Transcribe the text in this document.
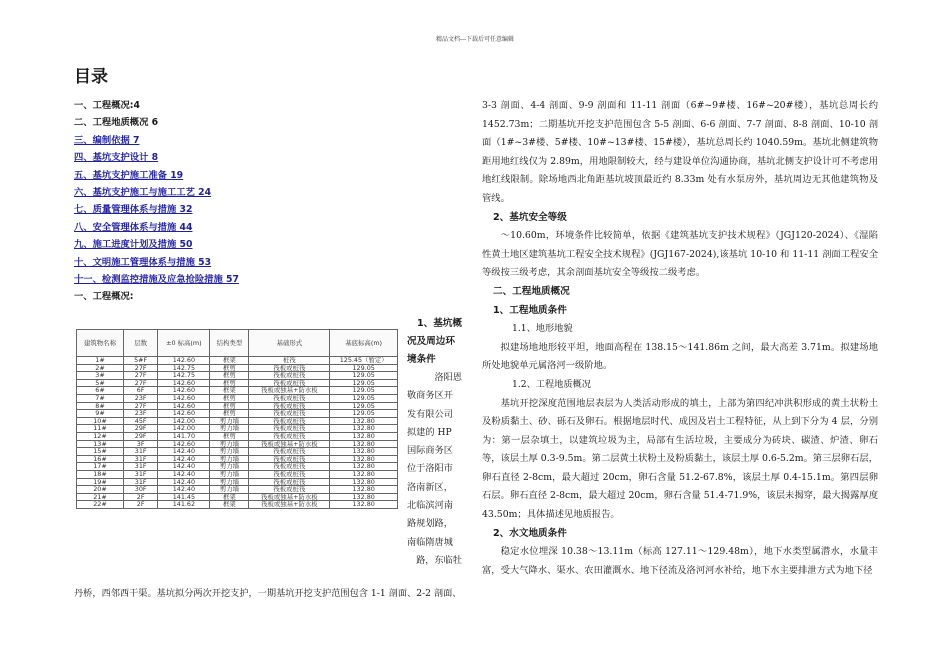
精品文档---下载后可任意编辑
目录
一、工程概况:4
二、工程地质概况 6
三、编制依据 7
四、基坑支护设计 8
五、基坑支护施工准备 19
六、基坑支护施工与施工工艺 24
七、质量管理体系与措施 32
八、安全管理体系与措施 44
九、施工进度计划及措施 50
十、文明施工管理体系与措施 53
十一、检测监控措施及应急抢险措施 57
一、工程概况:
建筑物名称	层数	±0 标高(m)	结构类型	基础形式	基底标高(m)
1#	5#F	142.60	框架	桩筏	125.45（暂定）
2#	27F	142.75	框剪	筏板或桩筏	129.05
3#	27F	142.75	框剪	筏板或桩筏	129.05
5#	27F	142.60	框剪	筏板或桩筏	129.05
6#	6F	142.60	框架	筏板或独基+防水板	129.05
7#	23F	142.60	框剪	筏板或桩筏	129.05
8#	27F	142.60	框剪	筏板或桩筏	129.05
9#	23F	142.60	框剪	筏板或桩筏	129.05
10#	45F	142.00	剪力墙	筏板或桩筏	132.80
11#	29F	142.00	剪力墙	筏板或桩筏	132.80
12#	29F	141.70	框剪	筏板或桩筏	132.80
13#	3F	142.60	剪力墙	筏板或独基+防水板	132.80
15#	31F	142.40	剪力墙	筏板或桩筏	132.80
16#	31F	142.40	剪力墙	筏板或桩筏	132.80
17#	31F	142.40	剪力墙	筏板或桩筏	132.80
18#	31F	142.40	剪力墙	筏板或桩筏	132.80
19#	31F	142.40	剪力墙	筏板或桩筏	132.80
20#	30F	142.40	剪力墙	筏板或桩筏	132.80
21#	2F	141.45	框架	筏板或独基+防水板	132.80
22#	2F	141.62	框架	筏板或独基+防水板	132.80
1、基坑概
况及周边环
境条件
洛阳恩
敬商务区开
发有限公司
拟建的 HP
国际商务区
位于洛阳市
洛南新区，
北临滨河南
路规划路，
南临隋唐城
路，东临牡
丹桥，西邻西干渠。基坑拟分两次开挖支护，一期基坑开挖支护范围包含 1-1 剖面、2-2 剖面、
3-3 剖面、4-4 剖面、9-9 剖面和 11-11 剖面（6#~9#楼、16#~20#楼），基坑总周长约 1452.73m；二期基坑开挖支护范围包含 5-5 剖面、6-6 剖面、7-7 剖面、8-8 剖面、10-10 剖面（1#~3#楼、5#楼、10#~13#楼、15#楼），基坑总周长约 1040.59m。基坑北侧建筑物距用地红线仅为 2.89m，用地限制较大，经与建设单位沟通协商，基坑北侧支护设计可不考虑用地红线限制。除场地西北角距基坑坡顶最近约 8.33m 处有水泵房外，基坑周边无其他建筑物及管线。
2、基坑安全等级
～10.60m，环境条件比较简单，依据《建筑基坑支护技术规程》（JGJ120-2024）、《湿陷性黄土地区建筑基坑工程安全技术规程》(JGJ167-2024),该基坑 10-10 和 11-11 剖面工程安全等级按三级考虑，其余剖面基坑安全等级按二级考虑。
二、工程地质概况
1、工程地质条件
1.1、地形地貌
拟建场地地形较平坦，地面高程在 138.15～141.86m 之间，最大高差 3.71m。拟建场地所处地貌单元属洛河一级阶地。
1.2、工程地质概况
基坑开挖深度范围地层表层为人类活动形成的填土，上部为第四纪冲洪积形成的黄土状粉土及粉质黏土、砂、砾石及卵石。根据地层时代、成因及岩土工程特征，从上到下分为 4 层，分别为：第一层杂填土，以建筑垃圾为主，局部有生活垃圾，主要成分为砖块、碳渣、炉渣、卵石等，该层土厚 0.3-9.5m。第二层黄土状粉土及粉质黏土，该层土厚 0.6-5.2m。第三层卵石层，卵石直径 2-8cm，最大超过 20cm，卵石含量 51.2-67.8%，该层土厚 0.4-15.1m。第四层卵石层。卵石直径 2-8cm，最大超过 20cm，卵石含量 51.4-71.9%，该层未揭穿，最大揭露厚度 43.50m；具体描述见地质报告。
2、水文地质条件
稳定水位埋深 10.38～13.11m（标高 127.11～129.48m），地下水类型属潜水，水量丰富，受大气降水、渠水、农田灌溉水、地下径流及洛河河水补给，地下水主要排泄方式为地下径
